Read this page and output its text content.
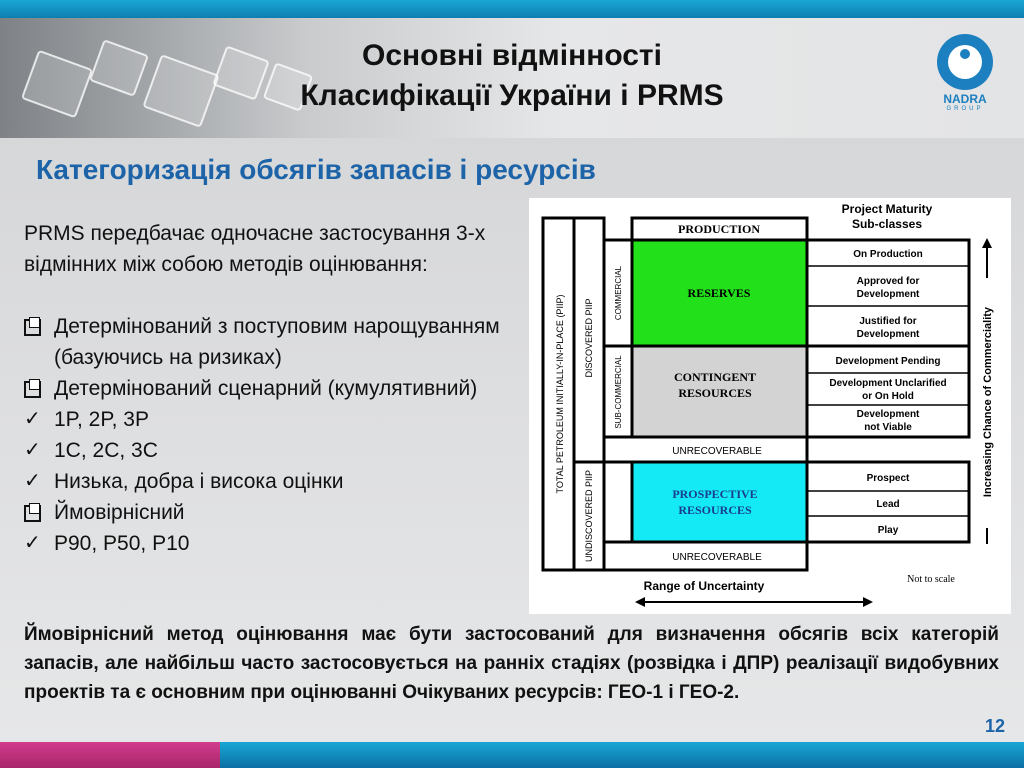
Основні відмінності
Класифікації України і PRMS	NADRA
GROUP
Категоризація обсягів запасів і ресурсів
PRMS передбачає одночасне застосування 3-х відмінних між собою методів оцінювання:
Детермінований з поступовим нарощуванням (базуючись на ризиках)
Детермінований сценарний (кумулятивний)
✓ 1P, 2P, 3P
✓ 1C, 2C, 3C
✓ Низька, добра і висока оцінки
Ймовірнісний
✓ P90, P50, P10
PRODUCTION
RESERVES
CONTINGENT
RESOURCES
UNRECOVERABLE
PROSPECTIVE
RESOURCES
UNRECOVERABLE
TOTAL PETROLEUM INITIALLY-IN-PLACE (PIIP) DISCOVERED PIIP
UNDISCOVERED PIIP
COMMERCIAL
SUB-COMMERCIAL
Project Maturity
Sub-classes
On Production
Approved for
Development
Justified for
Development
Development Pending
Development Unclarified
or On Hold
Development
not Viable
Prospect
Lead
Play
Increasing Chance of Commerciality
Range of Uncertainty	Not to scale
Ймовірнісний метод оцінювання має бути застосований для визначення обсягів всіх категорій запасів, але найбільш часто застосовується на ранніх стадіях (розвідка і ДПР) реалізації видобувних проектів та є основним при оцінюванні Очікуваних ресурсів: ГЕО-1 і ГЕО-2.
12
